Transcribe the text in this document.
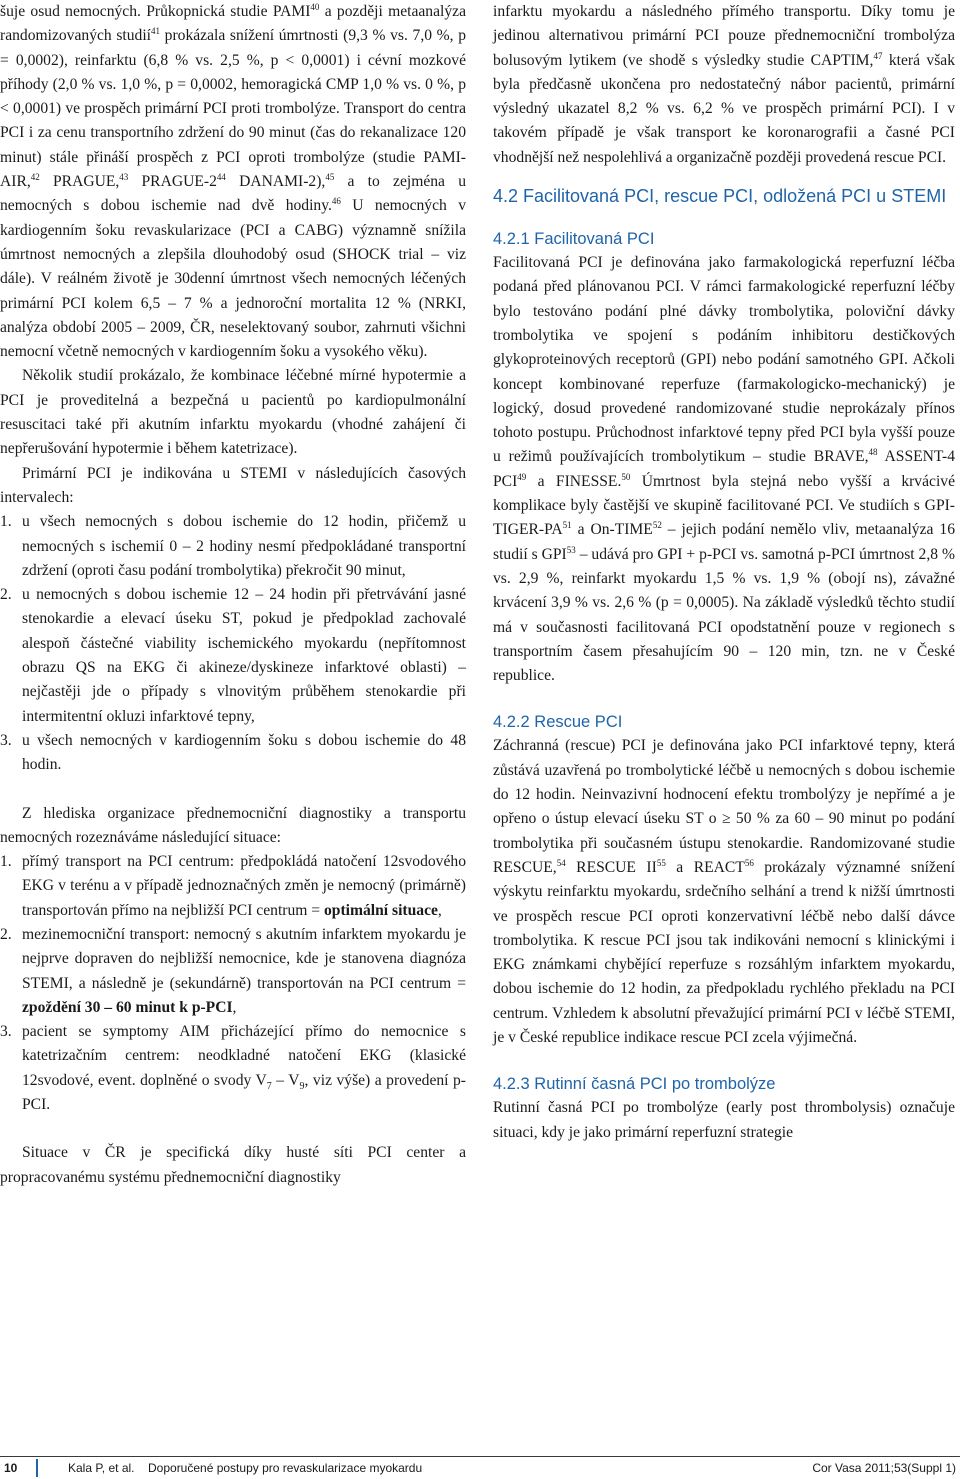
šuje osud nemocných. Průkopnická studie PAMI$^{40}$ a později metaanalýza randomizovaných studií$^{41}$ prokázala snížení úmrtnosti (9,3 % vs. 7,0 %, p = 0,0002), reinfarktu (6,8 % vs. 2,5 %, p < 0,0001) i cévní mozkové příhody (2,0 % vs. 1,0 %, p = 0,0002, hemoragická CMP 1,0 % vs. 0 %, p < 0,0001) ve prospěch primární PCI proti trombolýze. Transport do centra PCI i za cenu transportního zdržení do 90 minut (čas do rekanalizace 120 minut) stále přináší prospěch z PCI oproti trombolýze (studie PAMI-AIR,$^{42}$ PRAGUE,$^{43}$ PRAGUE-$2^{44}$ DANAMI-2),$^{45}$ a to zejména u nemocných s dobou ischemie nad dvě hodiny.$^{46}$ U nemocných v kardiogenním šoku revaskularizace (PCI a CABG) významně snížila úmrtnost nemocných a zlepšila dlouhodobý osud (SHOCK trial – viz dále). V reálném životě je 30denní úmrtnost všech nemocných léčených primární PCI kolem 6,5 – 7 % a jednoroční mortalita 12 % (NRKI, analýza období 2005 – 2009, ČR, neselektovaný soubor, zahrnuti všichni nemocní včetně nemocných v kardiogenním šoku a vysokého věku).

Několik studií prokázalo, že kombinace léčebné mírné hypotermie a PCI je proveditelná a bezpečná u pacientů po kardiopulmonální resuscitaci také při akutním infarktu myokardu (vhodné zahájení či nepřerušování hypotermie i během katetrizace).

Primární PCI je indikována u STEMI v následujících časových intervalech:

1. u všech nemocných s dobou ischemie do 12 hodin, přičemž u nemocných s ischemií 0 – 2 hodiny nesmí předpokládané transportní zdržení (oproti času podání trombolytika) překročit 90 minut,
2. u nemocných s dobou ischemie 12 – 24 hodin při přetrvávání jasné stenokardie a elevací úseku ST, pokud je předpoklad zachovalé alespoň částečné viability ischemického myokardu (nepřítomnost obrazu QS na EKG či akineze/dyskineze infarktové oblasti) – nejčastěji jde o případy s vlnovitým průběhem stenokardie při intermitentní okluzi infarktové tepny,
3. u všech nemocných v kardiogenním šoku s dobou ischemie do 48 hodin.

Z hlediska organizace přednemocniční diagnostiky a transportu nemocných rozeznáváme následující situace:

1. přímý transport na PCI centrum: předpokládá natočení 12svodového EKG v terénu a v případě jednoznačných změn je nemocný (primárně) transportován přímo na nejbližší PCI centrum = optimální situace,
2. mezinemocniční transport: nemocný s akutním infarktem myokardu je nejprve dopraven do nejbližší nemocnice, kde je stanovena diagnóza STEMI, a následně je (sekundárně) transportován na PCI centrum = zpoždění 30 – 60 minut k p-PCI,
3. pacient se symptomy AIM přicházející přímo do nemocnice s katetrizačním centrem: neodkladné natočení EKG (klasické 12svodové, event. doplněné o svody $V_7 - V_9$, viz výše) a provedení p-PCI.

Situace v ČR je specifická díky husté síti PCI center a propracovanému systému přednemocniční diagnostiky

infarktu myokardu a následného přímého transportu. Díky tomu je jedinou alternativou primární PCI pouze přednemocniční trombolýza bolusovým lytikem (ve shodě s výsledky studie CAPTIM,$^{47}$ která však byla předčasně ukončena pro nedostatečný nábor pacientů, primární výsledný ukazatel 8,2 % vs. 6,2 % ve prospěch primární PCI). I v takovém případě je však transport ke koronarografii a časné PCI vhodnější než nespolehlivá a organizačně později provedená rescue PCI.

4.2 Facilitovaná PCI, rescue PCI, odložená PCI u STEMI
4.2.1 Facilitovaná PCI

Facilitovaná PCI je definována jako farmakologická reperfuzní léčba podaná před plánovanou PCI. V rámci farmakologické reperfuzní léčby bylo testováno podání plné dávky trombolytika, poloviční dávky trombolytika ve spojení s podáním inhibitoru destičkových glykoproteinových receptorů (GPI) nebo podání samotného GPI. Ačkoli koncept kombinované reperfuze (farmakologicko-mechanický) je logický, dosud provedené randomizované studie neprokázaly přínos tohoto postupu. Průchodnost infarktové tepny před PCI byla vyšší pouze u režimů používajících trombolytikum – studie BRAVE,$^{48}$ ASSENT-4 PCI$^{49}$ a FINESSE.$^{50}$ Úmrtnost byla stejná nebo vyšší a krvácivé komplikace byly častější ve skupině facilitované PCI. Ve studiích s GPI-TIGER-PA$^{51}$ a On-TIME$^{52}$ – jejich podání nemělo vliv, metaanalýza 16 studií s GPI$^{53}$ – udává pro GPI + p-PCI vs. samotná p-PCI úmrtnost 2,8 % vs. 2,9 %, reinfarkt myokardu 1,5 % vs. 1,9 % (obojí ns), závažné krvácení 3,9 % vs. 2,6 % (p = 0,0005). Na základě výsledků těchto studií má v současnosti facilitovaná PCI opodstatnění pouze v regionech s transportním časem přesahujícím 90 – 120 min, tzn. ne v České republice.

4.2.2 Rescue PCI

Záchranná (rescue) PCI je definována jako PCI infarktové tepny, která zůstává uzavřená po trombolytické léčbě u nemocných s dobou ischemie do 12 hodin. Neinvazivní hodnocení efektu trombolýzy je nepřímé a je opřeno o ústup elevací úseku ST o ≥ 50 % za 60 – 90 minut po podání trombolytika při současném ústupu stenokardie. Randomizované studie RESCUE,$^{54}$ RESCUE II$^{55}$ a REACT$^{56}$ prokázaly významné snížení výskytu reinfarktu myokardu, srdečního selhání a trend k nižší úmrtnosti ve prospěch rescue PCI oproti konzervativní léčbě nebo další dávce trombolytika. K rescue PCI jsou tak indikováni nemocní s klinickými i EKG známkami chybějící reperfuze s rozsáhlým infarktem myokardu, dobou ischemie do 12 hodin, za předpokladu rychlého překladu na PCI centrum. Vzhledem k absolutní převažující primární PCI v léčbě STEMI, je v České republice indikace rescue PCI zcela výjimečná.

4.2.3 Rutinní časná PCI po trombolýze

Rutinní časná PCI po trombolýze (early post thrombolysis) označuje situaci, kdy je jako primární reperfuzní strategie

10	Kala P, et al. Doporučené postupy pro revaskularizace myokardu	Cor Vasa 2011;53(Suppl 1)
